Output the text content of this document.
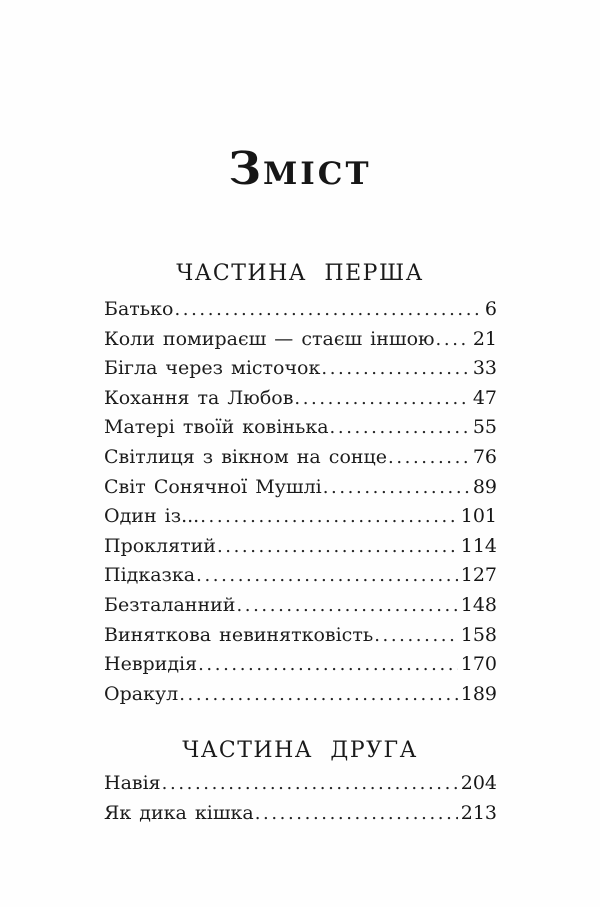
ЗМІСТ
ЧАСТИНА ПЕРША
Батько .....	6
Коли помираєш — стаєш іншою ..... 21
Бігла через місточок .....	33
Кохання та Любов .....	47
Матері твоїй ковінька .....	55
Світлиця з вікном на сонце .....	76
Світ Сонячної Мушлі .....	89
Один із... .....	101
Проклятий .....	114
Підказка .....	127
Безталанний .....	148
Виняткова невинятковість .....	158
Невридія .....	170
Оракул .....	189
ЧАСТИНА ДРУГА
Навія .....	204
Як дика кішка .....	213
